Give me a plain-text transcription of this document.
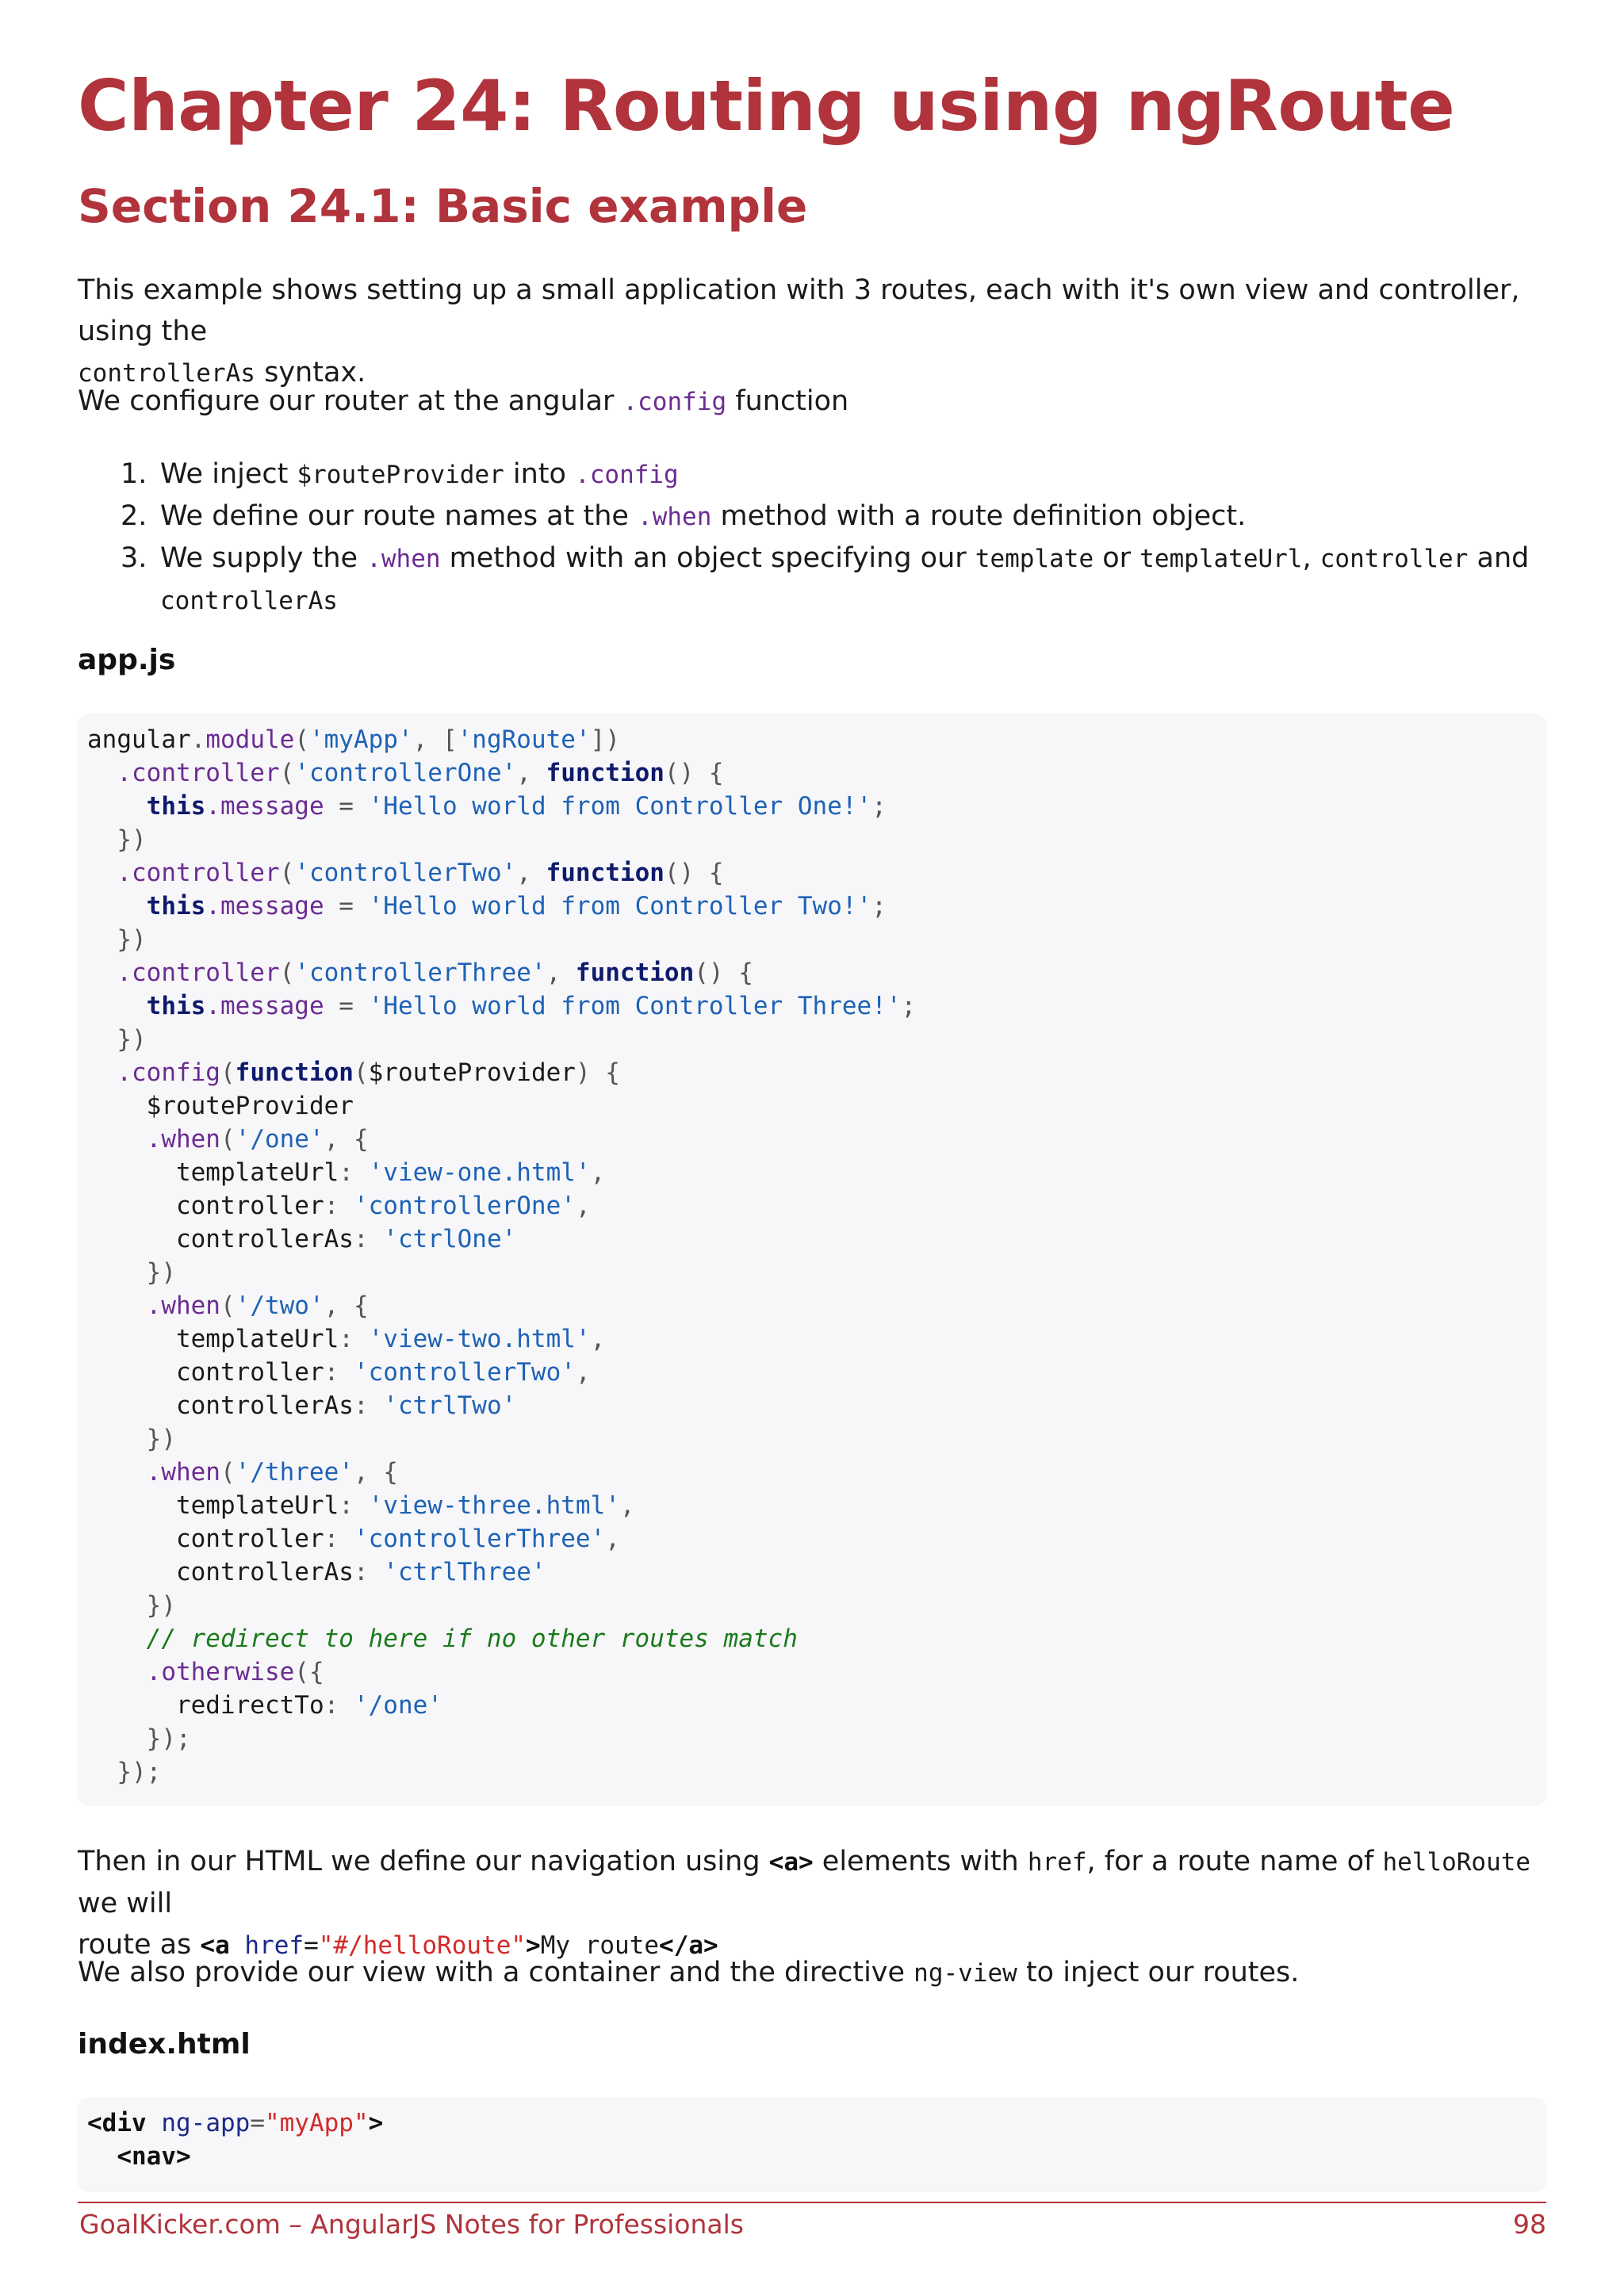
Chapter 24: Routing using ngRoute
Section 24.1: Basic example

This example shows setting up a small application with 3 routes, each with it's own view and controller, using the
controllerAs syntax.

We configure our router at the angular .config function

1. We inject $routeProvider into .config
2. We define our route names at the .when method with a route definition object.
3. We supply the .when method with an object specifying our template or templateUrl, controller and
controllerAs
app.js
angular.module('myApp', ['ngRoute'])
.controller('controllerOne', function() {
this.message = 'Hello world from Controller One!';
})
.controller('controllerTwo', function() {
this.message = 'Hello world from Controller Two!';
})
.controller('controllerThree', function() {
this.message = 'Hello world from Controller Three!';
})
.config(function($routeProvider) {
$routeProvider
.when('/one', {
templateUrl: 'view-one.html',
controller: 'controllerOne',
controllerAs: 'ctrlOne'
})
.when('/two', {
templateUrl: 'view-two.html',
controller: 'controllerTwo',
controllerAs: 'ctrlTwo'
})
.when('/three', {
templateUrl: 'view-three.html',
controller: 'controllerThree',
controllerAs: 'ctrlThree'
})
// redirect to here if no other routes match
.otherwise({
redirectTo: '/one'
});
});

Then in our HTML we define our navigation using <a> elements with href, for a route name of helloRoute we will
route as <a href="#/helloRoute">My route</a>

We also provide our view with a container and the directive ng-view to inject our routes.

index.html
<div ng-app="myApp">
<nav>
GoalKicker.com – AngularJS Notes for Professionals	98
